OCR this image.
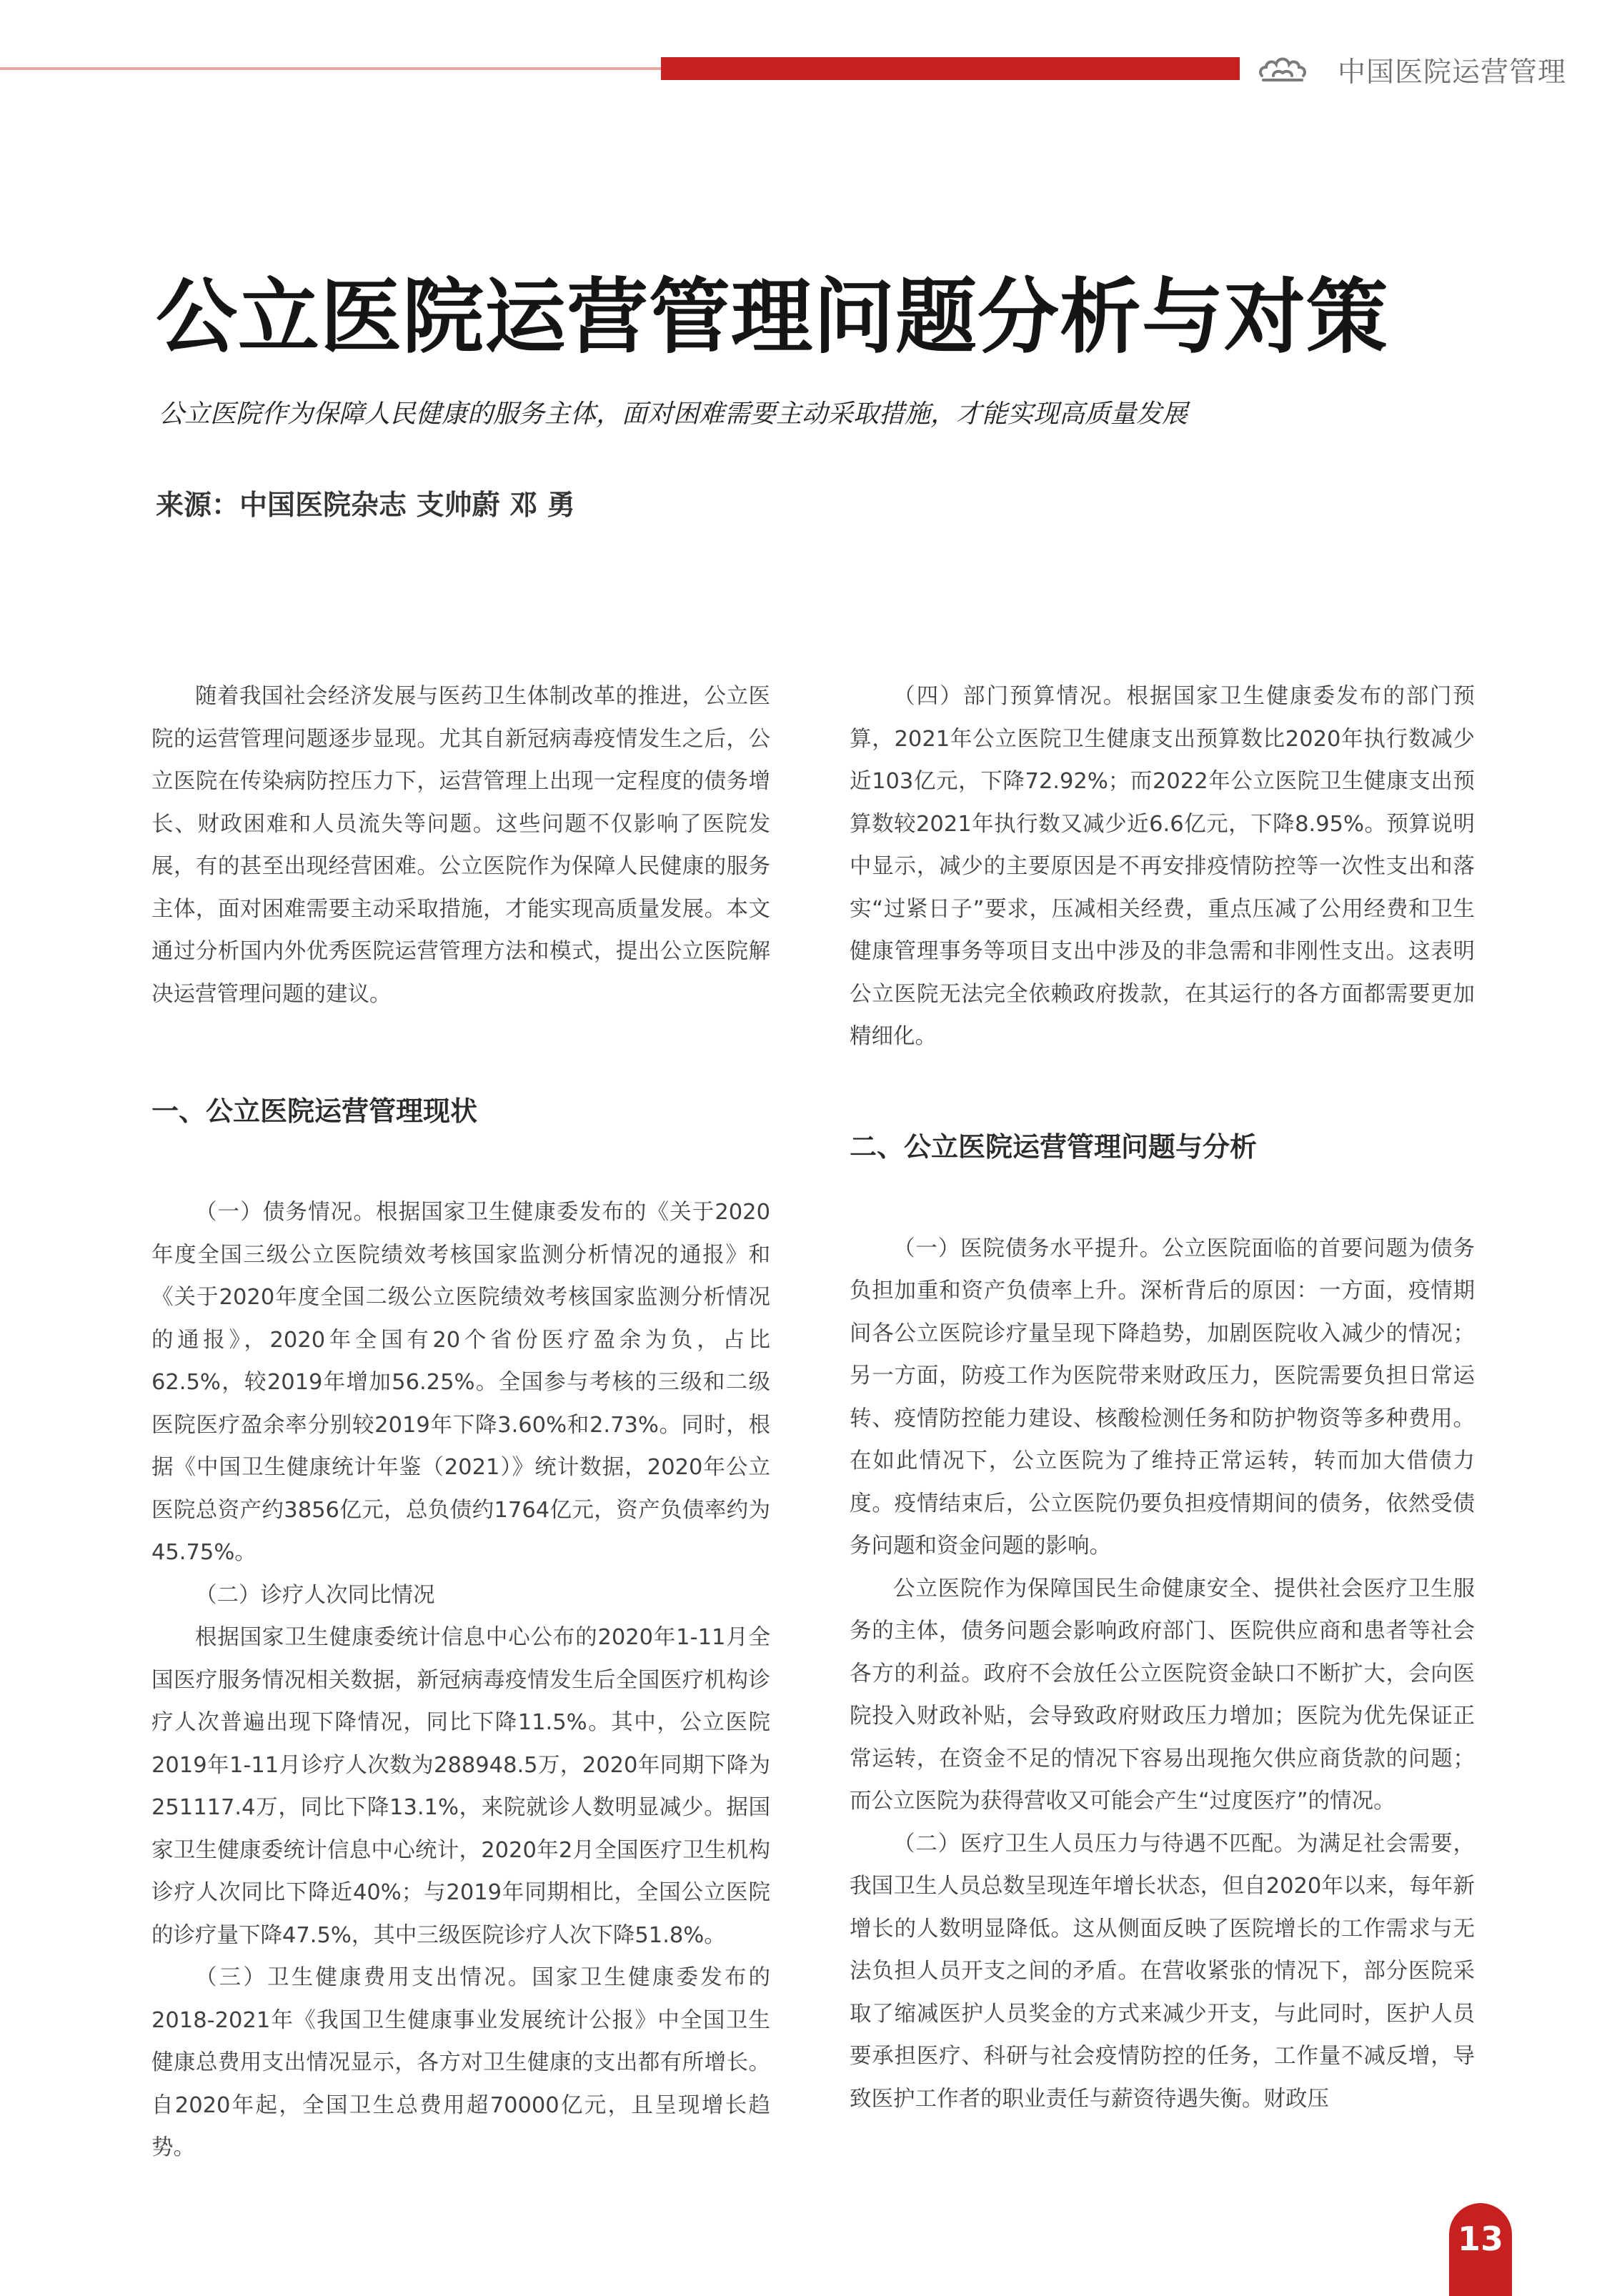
中国医院运营管理
公立医院运营管理问题分析与对策
公立医院作为保障人民健康的服务主体，面对困难需要主动采取措施，才能实现高质量发展
来源：中国医院杂志 支帅蔚 邓 勇

随着我国社会经济发展与医药卫生体制改革的推进，公立医院的运营管理问题逐步显现。尤其自新冠病毒疫情发生之后，公立医院在传染病防控压力下，运营管理上出现一定程度的债务增长、财政困难和人员流失等问题。这些问题不仅影响了医院发展，有的甚至出现经营困难。公立医院作为保障人民健康的服务主体，面对困难需要主动采取措施，才能实现高质量发展。本文通过分析国内外优秀医院运营管理方法和模式，提出公立医院解决运营管理问题的建议。

一、公立医院运营管理现状

（一）债务情况。根据国家卫生健康委发布的《关于2020年度全国三级公立医院绩效考核国家监测分析情况的通报》和《关于2020年度全国二级公立医院绩效考核国家监测分析情况的通报》，2020年全国有20个省份医疗盈余为负，占比62.5%，较2019年增加56.25%。全国参与考核的三级和二级医院医疗盈余率分别较2019年下降3.60%和2.73%。同时，根据《中国卫生健康统计年鉴（2021）》统计数据，2020年公立医院总资产约3856亿元，总负债约1764亿元，资产负债率约为45.75%。

（二）诊疗人次同比情况

根据国家卫生健康委统计信息中心公布的2020年1-11月全国医疗服务情况相关数据，新冠病毒疫情发生后全国医疗机构诊疗人次普遍出现下降情况，同比下降11.5%。其中，公立医院2019年1-11月诊疗人次数为288948.5万，2020年同期下降为251117.4万，同比下降13.1%，来院就诊人数明显减少。据国家卫生健康委统计信息中心统计，2020年2月全国医疗卫生机构诊疗人次同比下降近40%；与2019年同期相比，全国公立医院的诊疗量下降47.5%，其中三级医院诊疗人次下降51.8%。

（三）卫生健康费用支出情况。国家卫生健康委发布的2018-2021年《我国卫生健康事业发展统计公报》中全国卫生健康总费用支出情况显示，各方对卫生健康的支出都有所增长。自2020年起，全国卫生总费用超70000亿元，且呈现增长趋势。

（四）部门预算情况。根据国家卫生健康委发布的部门预算，2021年公立医院卫生健康支出预算数比2020年执行数减少近103亿元，下降72.92%；而2022年公立医院卫生健康支出预算数较2021年执行数又减少近6.6亿元，下降8.95%。预算说明中显示，减少的主要原因是不再安排疫情防控等一次性支出和落实“过紧日子”要求，压减相关经费，重点压减了公用经费和卫生健康管理事务等项目支出中涉及的非急需和非刚性支出。这表明公立医院无法完全依赖政府拨款，在其运行的各方面都需要更加精细化。

二、公立医院运营管理问题与分析

（一）医院债务水平提升。公立医院面临的首要问题为债务负担加重和资产负债率上升。深析背后的原因：一方面，疫情期间各公立医院诊疗量呈现下降趋势，加剧医院收入减少的情况；另一方面，防疫工作为医院带来财政压力，医院需要负担日常运转、疫情防控能力建设、核酸检测任务和防护物资等多种费用。在如此情况下，公立医院为了维持正常运转，转而加大借债力度。疫情结束后，公立医院仍要负担疫情期间的债务，依然受债务问题和资金问题的影响。

公立医院作为保障国民生命健康安全、提供社会医疗卫生服务的主体，债务问题会影响政府部门、医院供应商和患者等社会各方的利益。政府不会放任公立医院资金缺口不断扩大，会向医院投入财政补贴，会导致政府财政压力增加；医院为优先保证正常运转，在资金不足的情况下容易出现拖欠供应商货款的问题；而公立医院为获得营收又可能会产生“过度医疗”的情况。

（二）医疗卫生人员压力与待遇不匹配。为满足社会需要，我国卫生人员总数呈现连年增长状态，但自2020年以来，每年新增长的人数明显降低。这从侧面反映了医院增长的工作需求与无法负担人员开支之间的矛盾。在营收紧张的情况下，部分医院采取了缩减医护人员奖金的方式来减少开支，与此同时，医护人员要承担医疗、科研与社会疫情防控的任务，工作量不减反增，导致医护工作者的职业责任与薪资待遇失衡。财政压

13
